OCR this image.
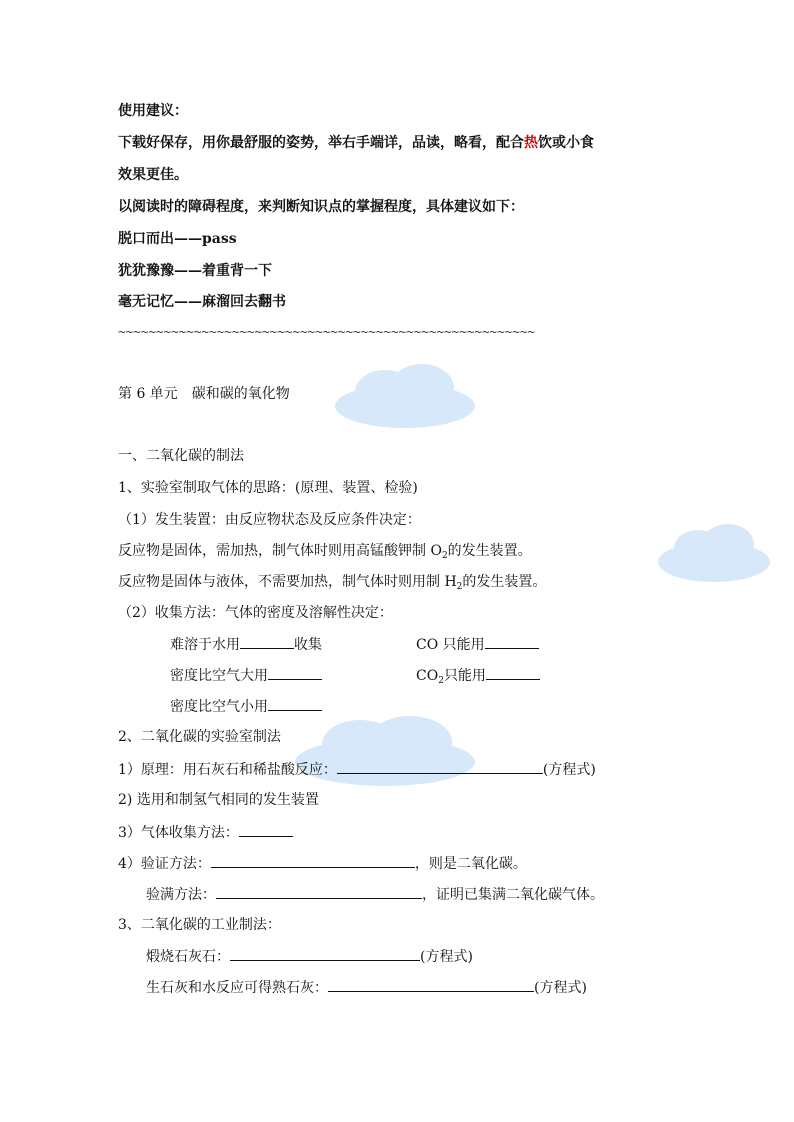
使用建议：
下载好保存，用你最舒服的姿势，举右手端详，品读，略看，配合热饮或小食
效果更佳。
以阅读时的障碍程度，来判断知识点的掌握程度，具体建议如下：
脱口而出——pass
犹犹豫豫——着重背一下
毫无记忆——麻溜回去翻书
~~~~~~~~~~~~~~~~~~~~~~~~~~~~~~~~~~~~~~~~~~~~~~~~~~~~~~~
第 6 单元　碳和碳的氧化物
一、二氧化碳的制法
1、实验室制取气体的思路：(原理、装置、检验)
（1）发生装置：由反应物状态及反应条件决定：
反应物是固体，需加热，制气体时则用高锰酸钾制 $O_2$的发生装置。
反应物是固体与液体，不需要加热，制气体时则用制 $H_2$的发生装置。
（2）收集方法：气体的密度及溶解性决定：
难溶于水用	收集	CO 只能用
密度比空气大用	$CO_2$只能用
密度比空气小用
2、二氧化碳的实验室制法
1）原理：用石灰石和稀盐酸反应：	(方程式)
2) 选用和制氢气相同的发生装置
3）气体收集方法：
4）验证方法：	，则是二氧化碳。
验满方法：	，证明已集满二氧化碳气体。
3、二氧化碳的工业制法：
煅烧石灰石：	(方程式)
生石灰和水反应可得熟石灰：	(方程式)
